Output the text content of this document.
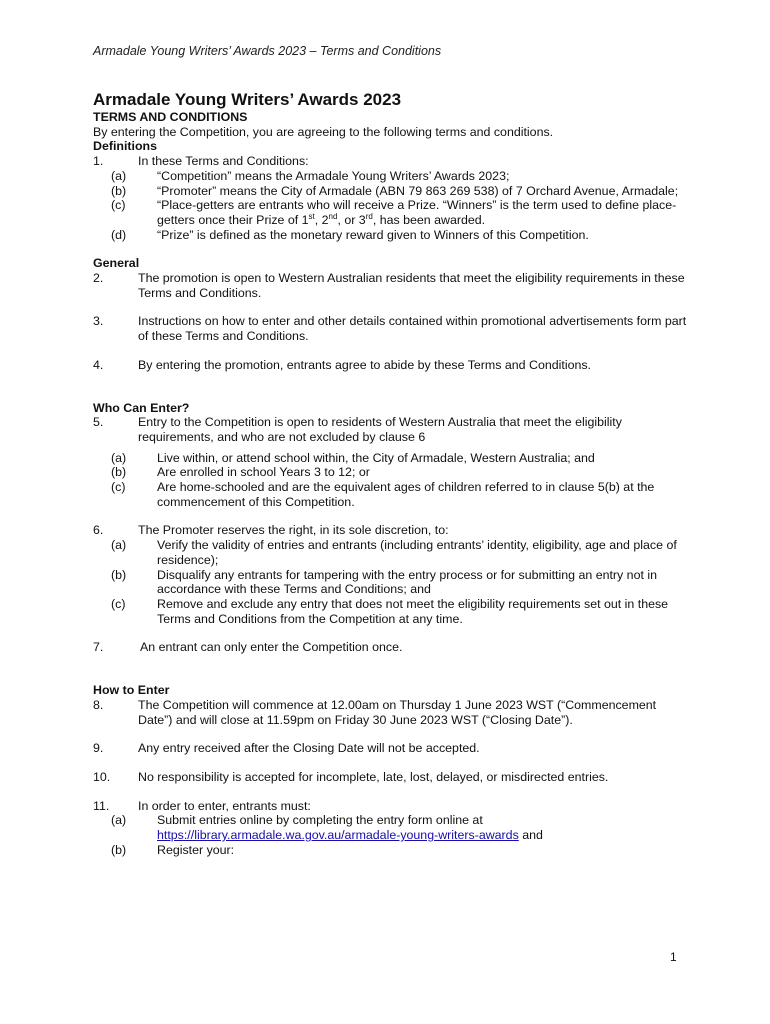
Armadale Young Writers’ Awards 2023 – Terms and Conditions
Armadale Young Writers’ Awards 2023
TERMS AND CONDITIONS
By entering the Competition, you are agreeing to the following terms and conditions.
Definitions
1.	In these Terms and Conditions:
(a) “Competition” means the Armadale Young Writers’ Awards 2023;
(b) “Promoter” means the City of Armadale (ABN 79 863 269 538) of 7 Orchard Avenue, Armadale;
(c)	“Place-getters are entrants who will receive a Prize. “Winners” is the term used to define place-getters once their Prize of 1st, 2nd, or 3rd, has been awarded.
(d) “Prize” is defined as the monetary reward given to Winners of this Competition.
General
2.	The promotion is open to Western Australian residents that meet the eligibility requirements in these Terms and Conditions.
3.	Instructions on how to enter and other details contained within promotional advertisements form part of these Terms and Conditions.
4.	By entering the promotion, entrants agree to abide by these Terms and Conditions.
Who Can Enter?
5.	Entry to the Competition is open to residents of Western Australia that meet the eligibility requirements, and who are not excluded by clause 6
(a) Live within, or attend school within, the City of Armadale, Western Australia; and
(b) Are enrolled in school Years 3 to 12; or
(c)	Are home-schooled and are the equivalent ages of children referred to in clause 5(b) at the commencement of this Competition.
6.	The Promoter reserves the right, in its sole discretion, to:
(a) Verify the validity of entries and entrants (including entrants’ identity, eligibility, age and place of residence);
(b) Disqualify any entrants for tampering with the entry process or for submitting an entry not in accordance with these Terms and Conditions; and
(c)	Remove and exclude any entry that does not meet the eligibility requirements set out in these Terms and Conditions from the Competition at any time.
7.	An entrant can only enter the Competition once.
How to Enter
8.	The Competition will commence at 12.00am on Thursday 1 June 2023 WST (“Commencement Date”) and will close at 11.59pm on Friday 30 June 2023 WST (“Closing Date”).
9.	Any entry received after the Closing Date will not be accepted.
10. No responsibility is accepted for incomplete, late, lost, delayed, or misdirected entries.
11. In order to enter, entrants must:
(a) Submit entries online by completing the entry form online at
https://library.armadale.wa.gov.au/armadale-young-writers-awards and
(b) Register your:
1
